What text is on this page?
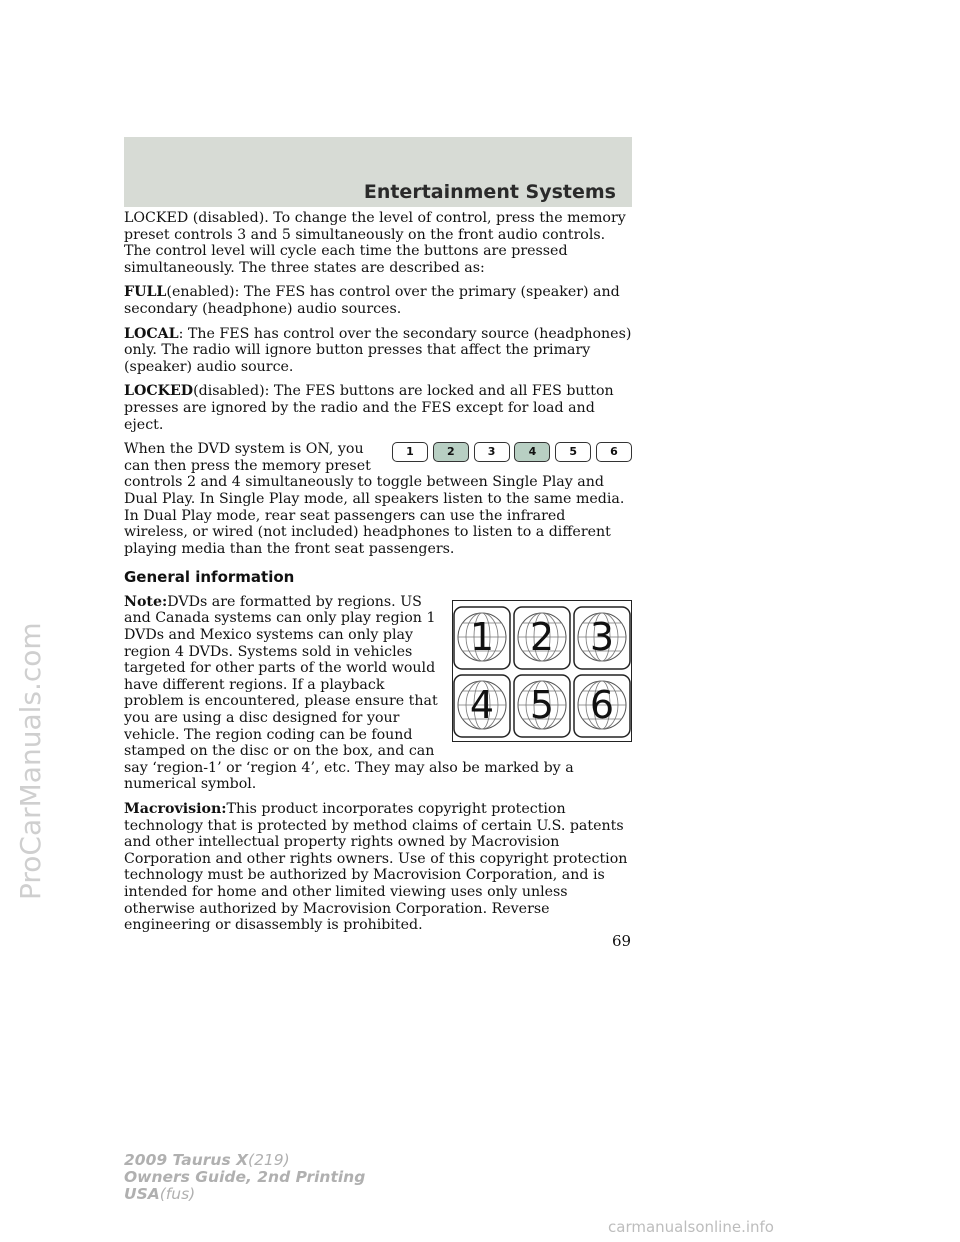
Entertainment Systems

LOCKED (disabled). To change the level of control, press the memory preset controls 3 and 5 simultaneously on the front audio controls. The control level will cycle each time the buttons are pressed simultaneously. The three states are described as:

FULL(enabled): The FES has control over the primary (speaker) and secondary (headphone) audio sources.

LOCAL: The FES has control over the secondary source (headphones) only. The radio will ignore button presses that affect the primary (speaker) audio source.

LOCKED(disabled): The FES buttons are locked and all FES button presses are ignored by the radio and the FES except for load and eject.

1	2	3	4	5	6

When the DVD system is ON, you can then press the memory preset controls 2 and 4 simultaneously to toggle between Single Play and Dual Play. In Single Play mode, all speakers listen to the same media. In Dual Play mode, rear seat passengers can use the infrared wireless, or wired (not included) headphones to listen to a different playing media than the front seat passengers.

General information
1 2 3
4 5 6

Note:DVDs are formatted by regions. US and Canada systems can only play region 1 DVDs and Mexico systems can only play region 4 DVDs. Systems sold in vehicles targeted for other parts of the world would have different regions. If a playback problem is encountered, please ensure that you are using a disc designed for your vehicle. The region coding can be found stamped on the disc or on the box, and can say ‘region-1’ or ‘region 4’, etc. They may also be marked by a numerical symbol.

Macrovision:This product incorporates copyright protection technology that is protected by method claims of certain U.S. patents and other intellectual property rights owned by Macrovision Corporation and other rights owners. Use of this copyright protection technology must be authorized by Macrovision Corporation, and is intended for home and other limited viewing uses only unless otherwise authorized by Macrovision Corporation. Reverse engineering or disassembly is prohibited.

69
2009 Taurus X(219)
Owners Guide, 2nd Printing
USA(fus)
ProCarManuals.com
carmanualsonline.info
